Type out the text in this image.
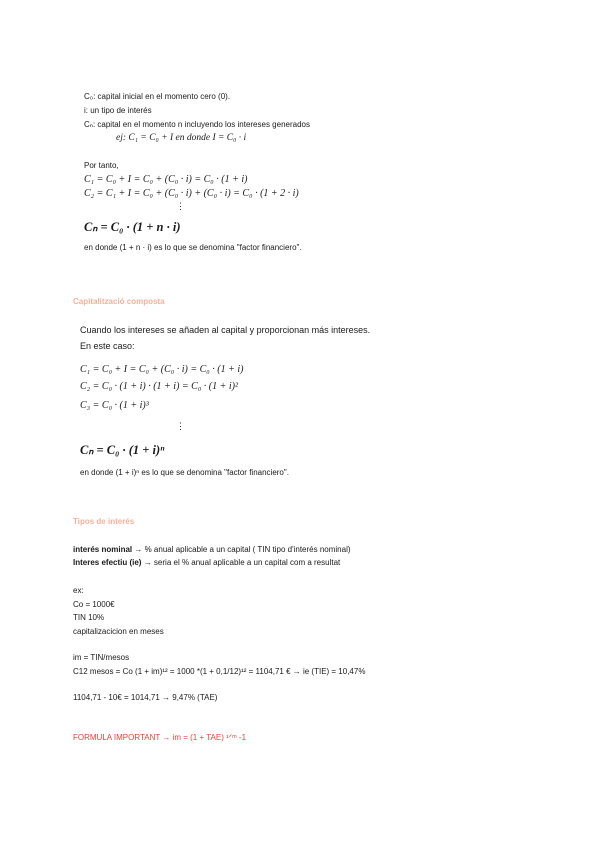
C₀: capital inicial en el momento cero (0).
i: un tipo de interés
Cₙ: capital en el momento n incluyendo los intereses generados
ej: C₁ = C₀ + I en donde I = C₀ · i
Por tanto,
C₁ = C₀ + I = C₀ + (C₀ · i) = C₀ · (1 + i)
C₂ = C₁ + I = C₀ + (C₀ · i) + (C₀ · i) = C₀ · (1 + 2 · i)
⋮
Cₙ = C₀ · (1 + n · i)
en donde (1 + n · i) es lo que se denomina "factor financiero".
Capitalització composta
Cuando los intereses se añaden al capital y proporcionan más intereses.
En este caso:
C₁ = C₀ + I = C₀ + (C₀ · i) = C₀ · (1 + i)
C₂ = C₀ · (1 + i) · (1 + i) = C₀ · (1 + i)²
C₃ = C₀ · (1 + i)³
⋮
Cₙ = C₀ · (1 + i)ⁿ
en donde (1 + i)ⁿ es lo que se denomina "factor financiero".
Tipos de interés
interés nominal → % anual aplicable a un capital ( TIN tipo d'interés nominal)
Interes efectiu (ie) → seria el % anual aplicable a un capital com a resultat
ex:
Co = 1000€
TIN 10%
capitalizacicion en meses
im = TIN/mesos
C12 mesos = Co (1 + im)¹² = 1000 *(1 + 0,1/12)¹² = 1104,71 € → ie (TIE) = 10,47%
1104,71 - 10€ = 1014,71 → 9,47% (TAE)
FORMULA IMPORTANT → im = (1 + TAE) ¹ᐟᵐ -1
